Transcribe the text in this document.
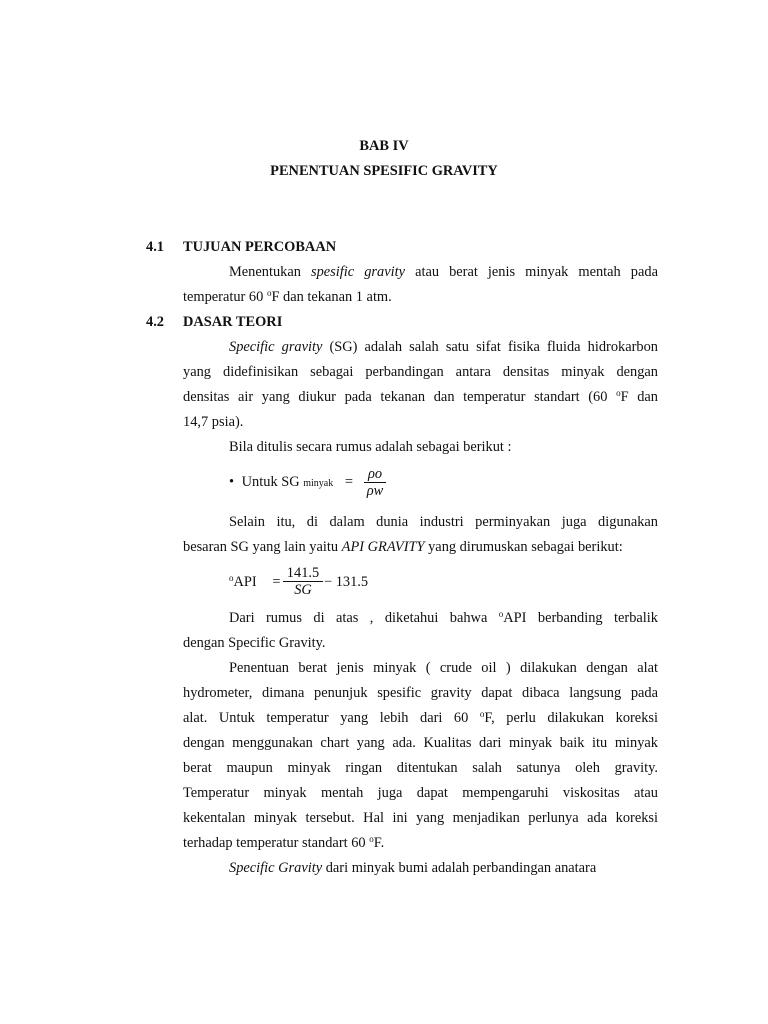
BAB IV
PENENTUAN SPESIFIC GRAVITY
4.1 TUJUAN PERCOBAAN
Menentukan spesific gravity atau berat jenis minyak mentah pada
temperatur 60 $^o$F dan tekanan 1 atm.
4.2 DASAR TEORI
Specific gravity (SG) adalah salah satu sifat fisika fluida hidrokarbon
yang didefinisikan sebagai perbandingan antara densitas minyak dengan
densitas air yang diukur pada tekanan dan temperatur standart (60 $^o$F dan
14,7 psia).
Bila ditulis secara rumus adalah sebagai berikut :
• Untuk SG minyak = ρo
ρw
Selain itu, di dalam dunia industri perminyakan juga digunakan
besaran SG yang lain yaitu API GRAVITY yang dirumuskan sebagai berikut:
$^o$API =
141.5
SG − 131.5
Dari rumus di atas , diketahui bahwa $^o$API berbanding terbalik
dengan Specific Gravity.
Penentuan berat jenis minyak ( crude oil ) dilakukan dengan alat
hydrometer, dimana penunjuk spesific gravity dapat dibaca langsung pada
alat. Untuk temperatur yang lebih dari 60 $^o$F, perlu dilakukan koreksi
dengan menggunakan chart yang ada. Kualitas dari minyak baik itu minyak
berat maupun minyak ringan ditentukan salah satunya oleh gravity.
Temperatur minyak mentah juga dapat mempengaruhi viskositas atau
kekentalan minyak tersebut. Hal ini yang menjadikan perlunya ada koreksi
terhadap temperatur standart 60 $^o$F.
Specific Gravity dari minyak bumi adalah perbandingan anatara
